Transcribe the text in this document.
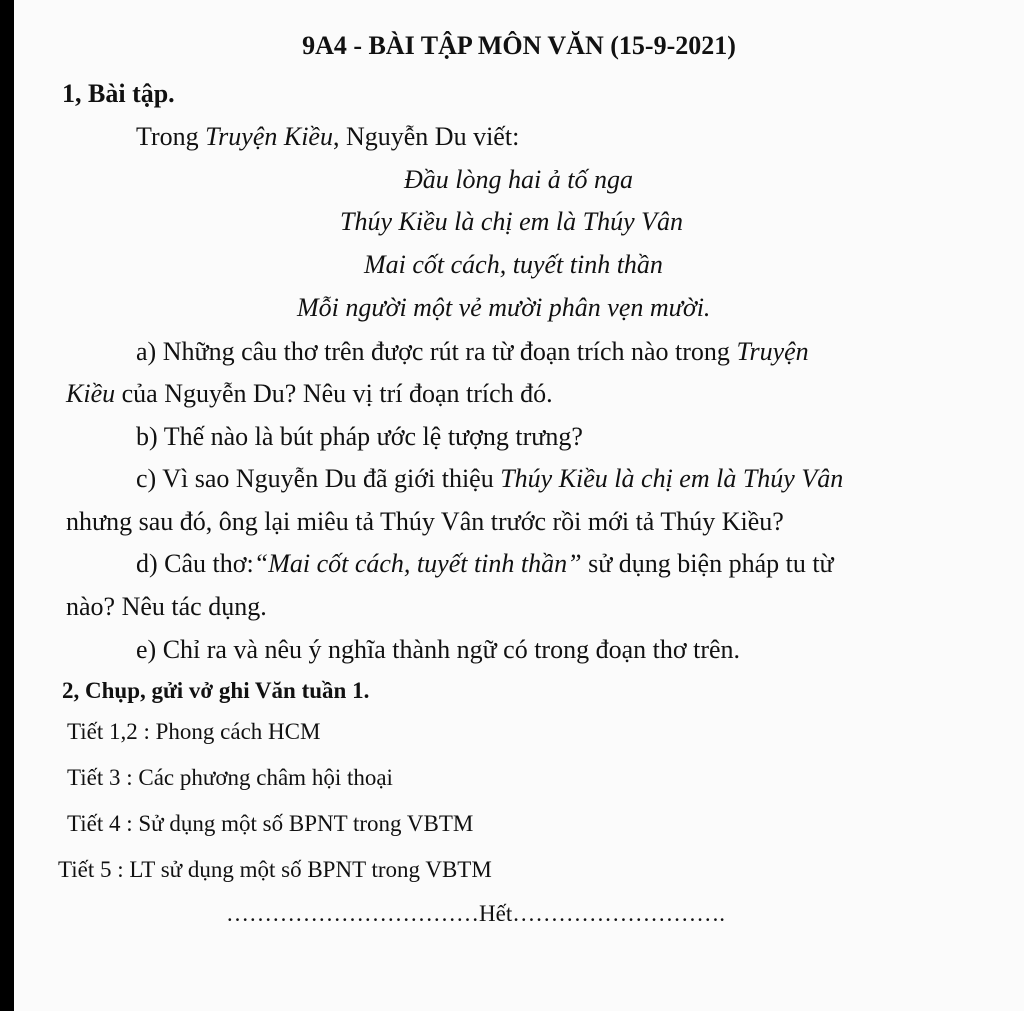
9A4 - BÀI TẬP MÔN VĂN (15-9-2021)
1, Bài tập.
Trong Truyện Kiều, Nguyễn Du viết:
Đầu lòng hai ả tố nga
Thúy Kiều là chị em là Thúy Vân
Mai cốt cách, tuyết tinh thần
Mỗi người một vẻ mười phân vẹn mười.
a) Những câu thơ trên được rút ra từ đoạn trích nào trong Truyện
Kiều của Nguyễn Du? Nêu vị trí đoạn trích đó.
b) Thế nào là bút pháp ước lệ tượng trưng?
c) Vì sao Nguyễn Du đã giới thiệu Thúy Kiều là chị em là Thúy Vân
nhưng sau đó, ông lại miêu tả Thúy Vân trước rồi mới tả Thúy Kiều?
d) Câu thơ:“Mai cốt cách, tuyết tinh thần” sử dụng biện pháp tu từ
nào? Nêu tác dụng.
e) Chỉ ra và nêu ý nghĩa thành ngữ có trong đoạn thơ trên.
2, Chụp, gửi vở ghi Văn tuần 1.
Tiết 1,2 : Phong cách HCM
Tiết 3 : Các phương châm hội thoại
Tiết 4 : Sử dụng một số BPNT trong VBTM
Tiết 5 : LT sử dụng một số BPNT trong VBTM
……………………………Hết……………………….
